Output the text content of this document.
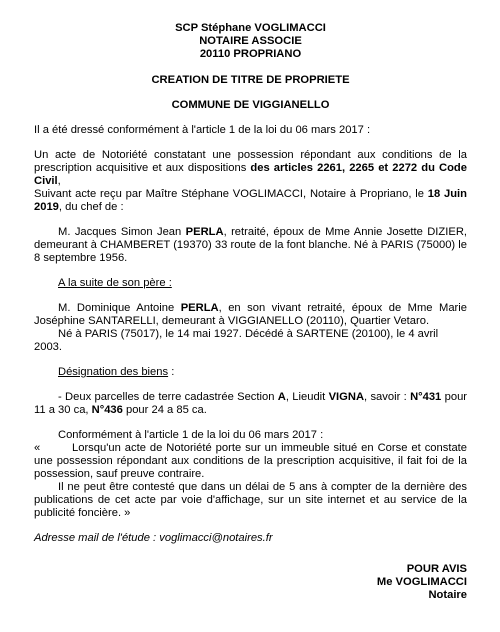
SCP Stéphane VOGLIMACCI
NOTAIRE ASSOCIE
20110 PROPRIANO
CREATION DE TITRE DE PROPRIETE
COMMUNE DE VIGGIANELLO

Il a été dressé conformément à l'article 1 de la loi du 06 mars 2017 :

Un acte de Notoriété constatant une possession répondant aux conditions de la prescription acquisitive et aux dispositions des articles 2261, 2265 et 2272 du Code Civil,

Suivant acte reçu par Maître Stéphane VOGLIMACCI, Notaire à Propriano, le 18 Juin 2019, du chef de :

M. Jacques Simon Jean PERLA, retraité, époux de Mme Annie Josette DIZIER, demeurant à CHAMBERET (19370) 33 route de la font blanche. Né à PARIS (75000) le 8 septembre 1956.

A la suite de son père :

M. Dominique Antoine PERLA, en son vivant retraité, époux de Mme Marie Joséphine SANTARELLI, demeurant à VIGGIANELLO (20110), Quartier Vetaro.

Né à PARIS (75017), le 14 mai 1927. Décédé à SARTENE (20100), le 4 avril 2003.

Désignation des biens :

- Deux parcelles de terre cadastrée Section A, Lieudit VIGNA, savoir : N°431 pour 11 a 30 ca, N°436 pour 24 a 85 ca.

Conformément à l'article 1 de la loi du 06 mars 2017 :

«        Lorsqu'un acte de Notoriété porte sur un immeuble situé en Corse et constate une possession répondant aux conditions de la prescription acquisitive, il fait foi de la possession, sauf preuve contraire.

Il ne peut être contesté que dans un délai de 5 ans à compter de la dernière des publications de cet acte par voie d'affichage, sur un site internet et au service de la publicité foncière. »

Adresse mail de l'étude : voglimacci@notaires.fr

POUR AVIS
Me VOGLIMACCI
Notaire
